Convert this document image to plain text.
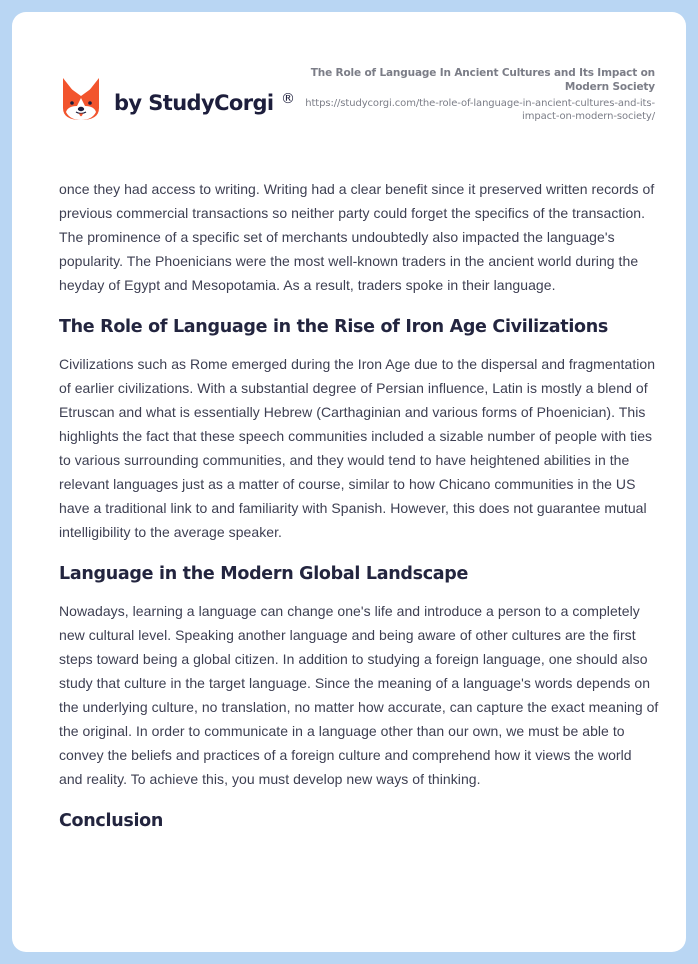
by StudyCorgi ®
The Role of Language In Ancient Cultures and Its Impact on Modern Society
https://studycorgi.com/the-role-of-language-in-ancient-cultures-and-its-impact-on-modern-society/

once they had access to writing. Writing had a clear benefit since it preserved written records of previous commercial transactions so neither party could forget the specifics of the transaction. The prominence of a specific set of merchants undoubtedly also impacted the language's popularity. The Phoenicians were the most well-known traders in the ancient world during the heyday of Egypt and Mesopotamia. As a result, traders spoke in their language.

The Role of Language in the Rise of Iron Age Civilizations

Civilizations such as Rome emerged during the Iron Age due to the dispersal and fragmentation of earlier civilizations. With a substantial degree of Persian influence, Latin is mostly a blend of Etruscan and what is essentially Hebrew (Carthaginian and various forms of Phoenician). This highlights the fact that these speech communities included a sizable number of people with ties to various surrounding communities, and they would tend to have heightened abilities in the relevant languages just as a matter of course, similar to how Chicano communities in the US have a traditional link to and familiarity with Spanish. However, this does not guarantee mutual intelligibility to the average speaker.

Language in the Modern Global Landscape

Nowadays, learning a language can change one's life and introduce a person to a completely new cultural level. Speaking another language and being aware of other cultures are the first steps toward being a global citizen. In addition to studying a foreign language, one should also study that culture in the target language. Since the meaning of a language's words depends on the underlying culture, no translation, no matter how accurate, can capture the exact meaning of the original. In order to communicate in a language other than our own, we must be able to convey the beliefs and practices of a foreign culture and comprehend how it views the world and reality. To achieve this, you must develop new ways of thinking.

Conclusion
